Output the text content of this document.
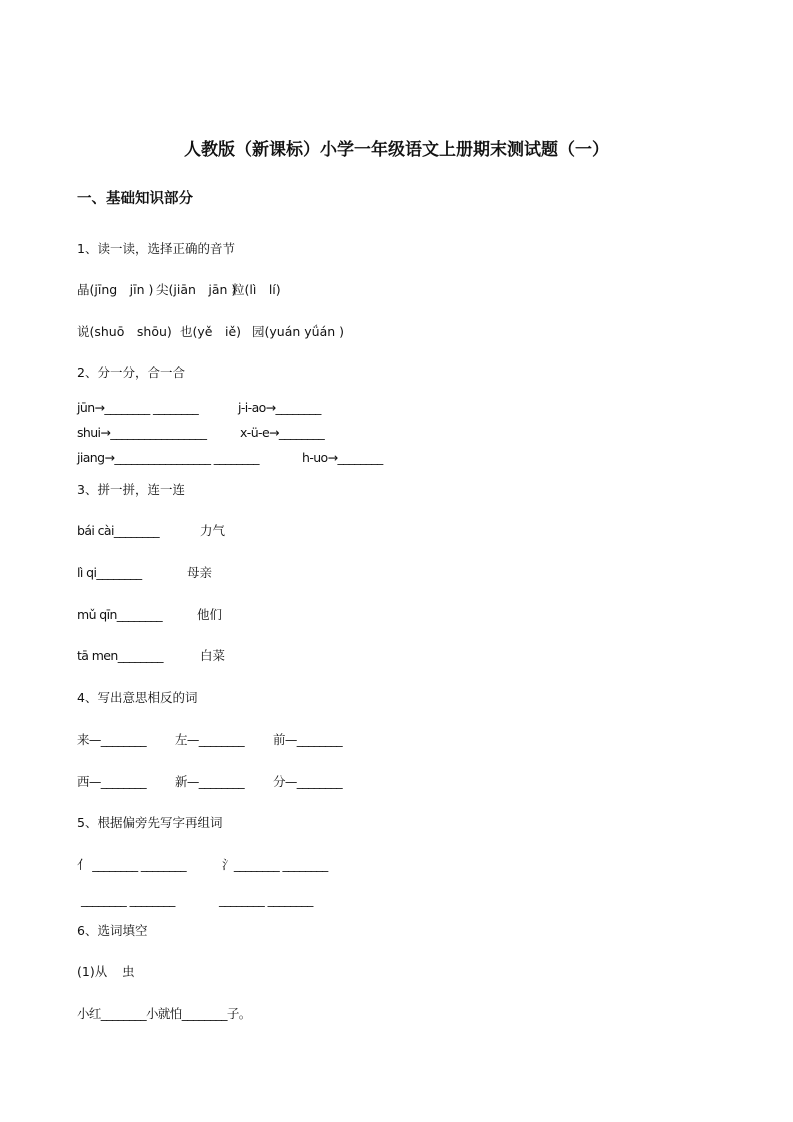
人教版（新课标）小学一年级语文上册期末测试题（一）
一、基础知识部分
1、读一读，选择正确的音节
晶(jīng　jīn ) 尖(jiān　jān )
粒(lì　lí)
说(shuō　shōu) 也(yě　iě) 园(yuán yǘán )
2、分一分，合一合
jūn→________ ________	j-i-ao→________
shui→_________________	x-ü-e→________
jiang→_________________ ________	h-uo→________
3、拼一拼，连一连
bái cài________	力气
lì qi________	母亲
mǔ qīn________	他们
tā men________	白菜
4、写出意思相反的词
来—________ 左—________ 前—________
西—________ 新—________ 分—________
5、根据偏旁先写字再组词
亻 ________ ________	氵________ ________
________ ________	________ ________
6、选词填空
(1)从 虫
小红________小就怕________子。
